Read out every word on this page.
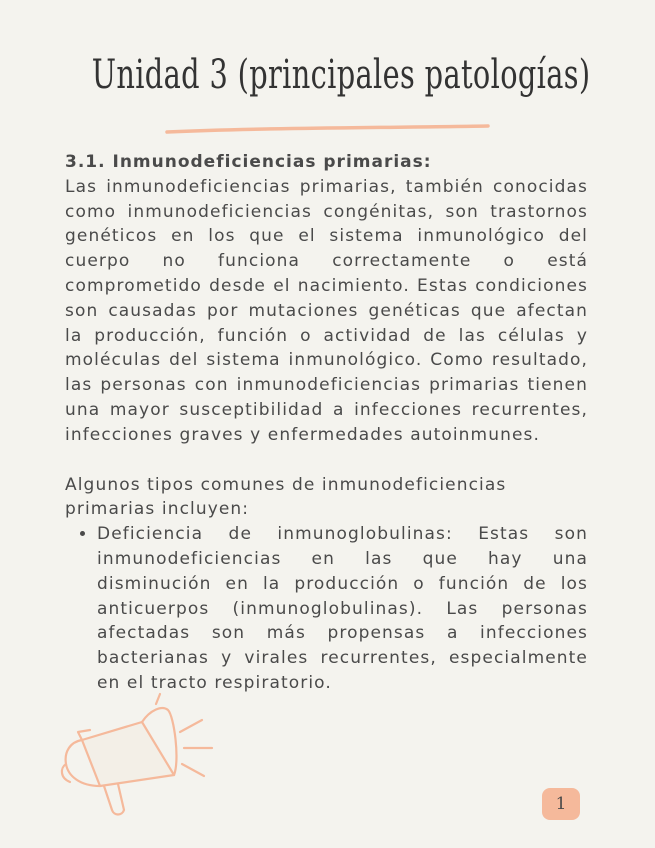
Unidad 3 (principales patologías)

3.1. Inmunodeficiencias primarias:

Las inmunodeficiencias primarias, también conocidas como inmunodeficiencias congénitas, son trastornos genéticos en los que el sistema inmunológico del cuerpo no funciona correctamente o está comprometido desde el nacimiento. Estas condiciones son causadas por mutaciones genéticas que afectan la producción, función o actividad de las células y moléculas del sistema inmunológico. Como resultado, las personas con inmunodeficiencias primarias tienen una mayor susceptibilidad a infecciones recurrentes, infecciones graves y enfermedades autoinmunes.

Algunos tipos comunes de inmunodeficiencias primarias incluyen:

• Deficiencia de inmunoglobulinas: Estas son inmunodeficiencias en las que hay una disminución en la producción o función de los anticuerpos (inmunoglobulinas). Las personas afectadas son más propensas a infecciones bacterianas y virales recurrentes, especialmente en el tracto respiratorio.
1
